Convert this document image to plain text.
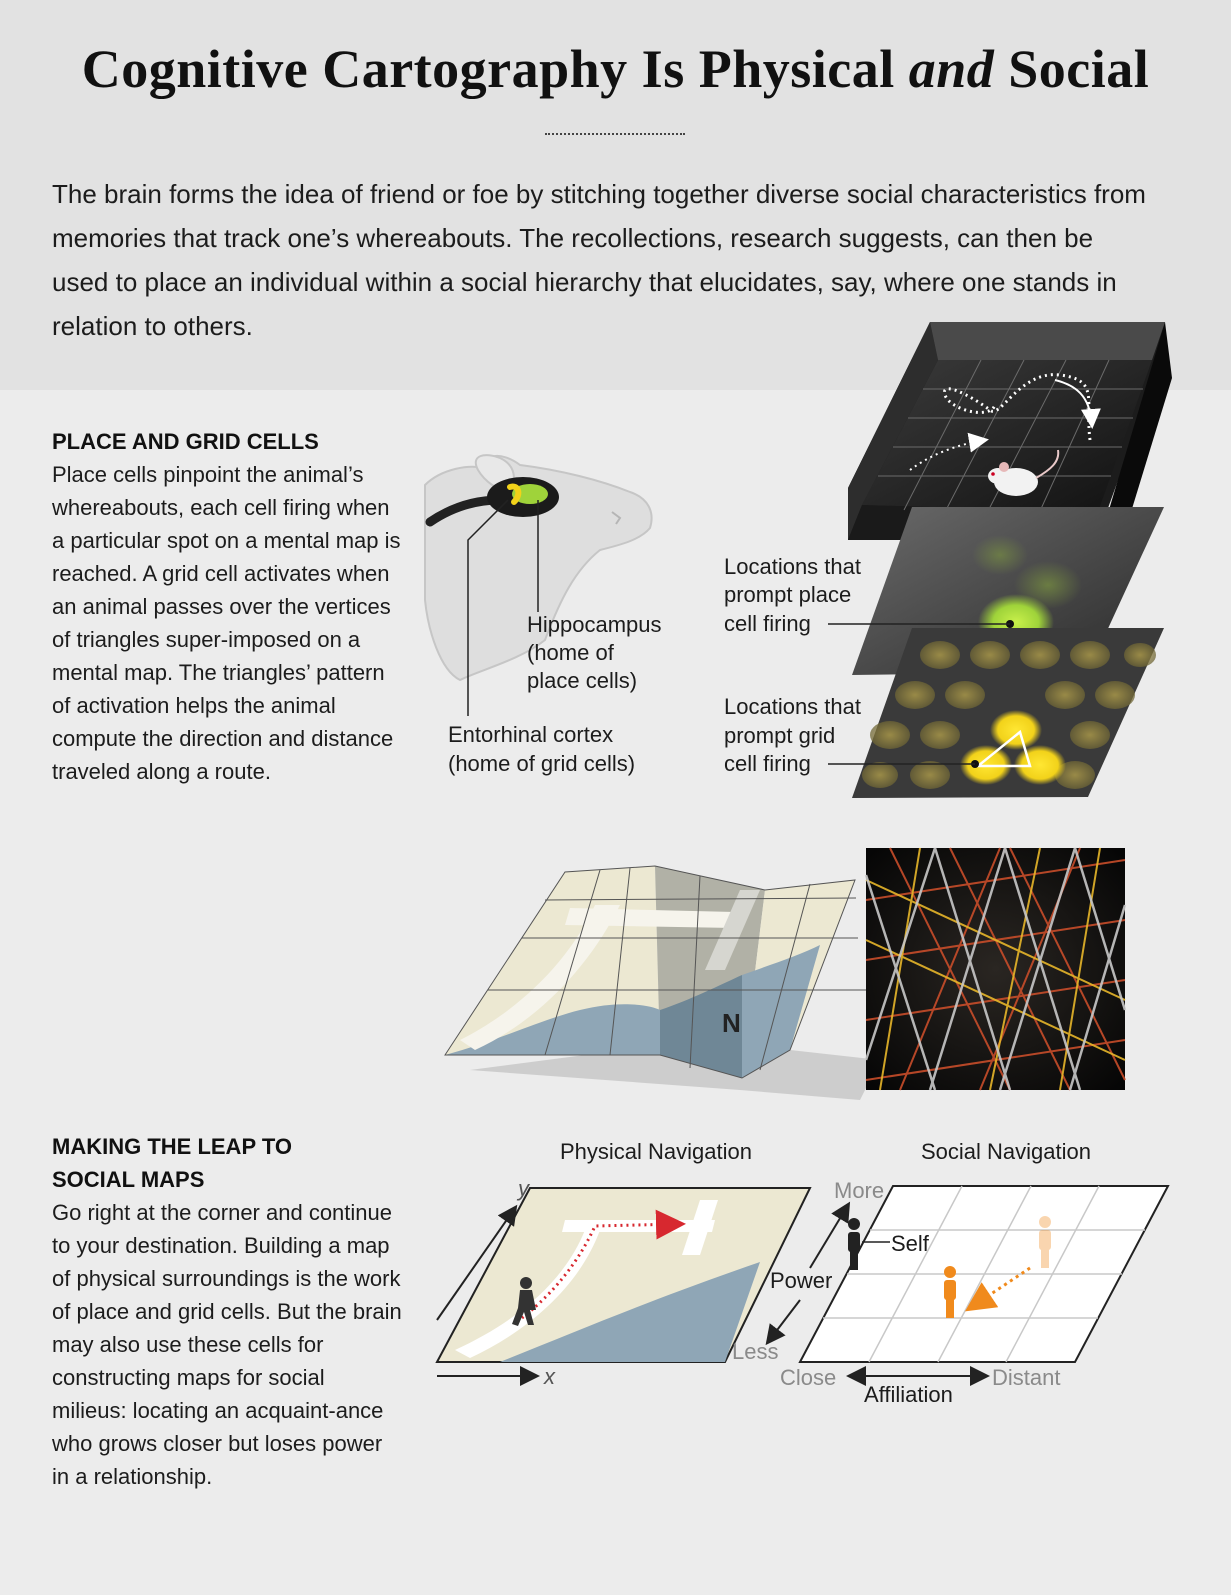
Cognitive Cartography Is Physical and Social

The brain forms the idea of friend or foe by stitching together diverse social characteristics from memories that track one’s whereabouts. The recollections, research suggests, can then be used to place an individual within a social hierarchy that elucidates, say, where one stands in relation to others.

PLACE AND GRID CELLS

Place cells pinpoint the animal’s whereabouts, each cell firing when a particular spot on a mental map is reached. A grid cell activates when an animal passes over the vertices of triangles super-imposed on a mental map. The triangles’ pattern of activation helps the animal compute the direction and distance traveled along a route.

MAKING THE LEAP TO
SOCIAL MAPS

Go right at the corner and continue to your destination. Building a map of physical surroundings is the work of place and grid cells. But the brain may also use these cells for constructing maps for social milieus: locating an acquaint-ance who grows closer but loses power in a relationship.

Hippocampus (home of place cells)
Entorhinal cortex (home of grid cells)
Locations that prompt place cell firing
Locations that prompt grid cell firing
N
Physical Navigation
y
x
Social Navigation
More
Less
Power
Self
Close	Distant
Affiliation
